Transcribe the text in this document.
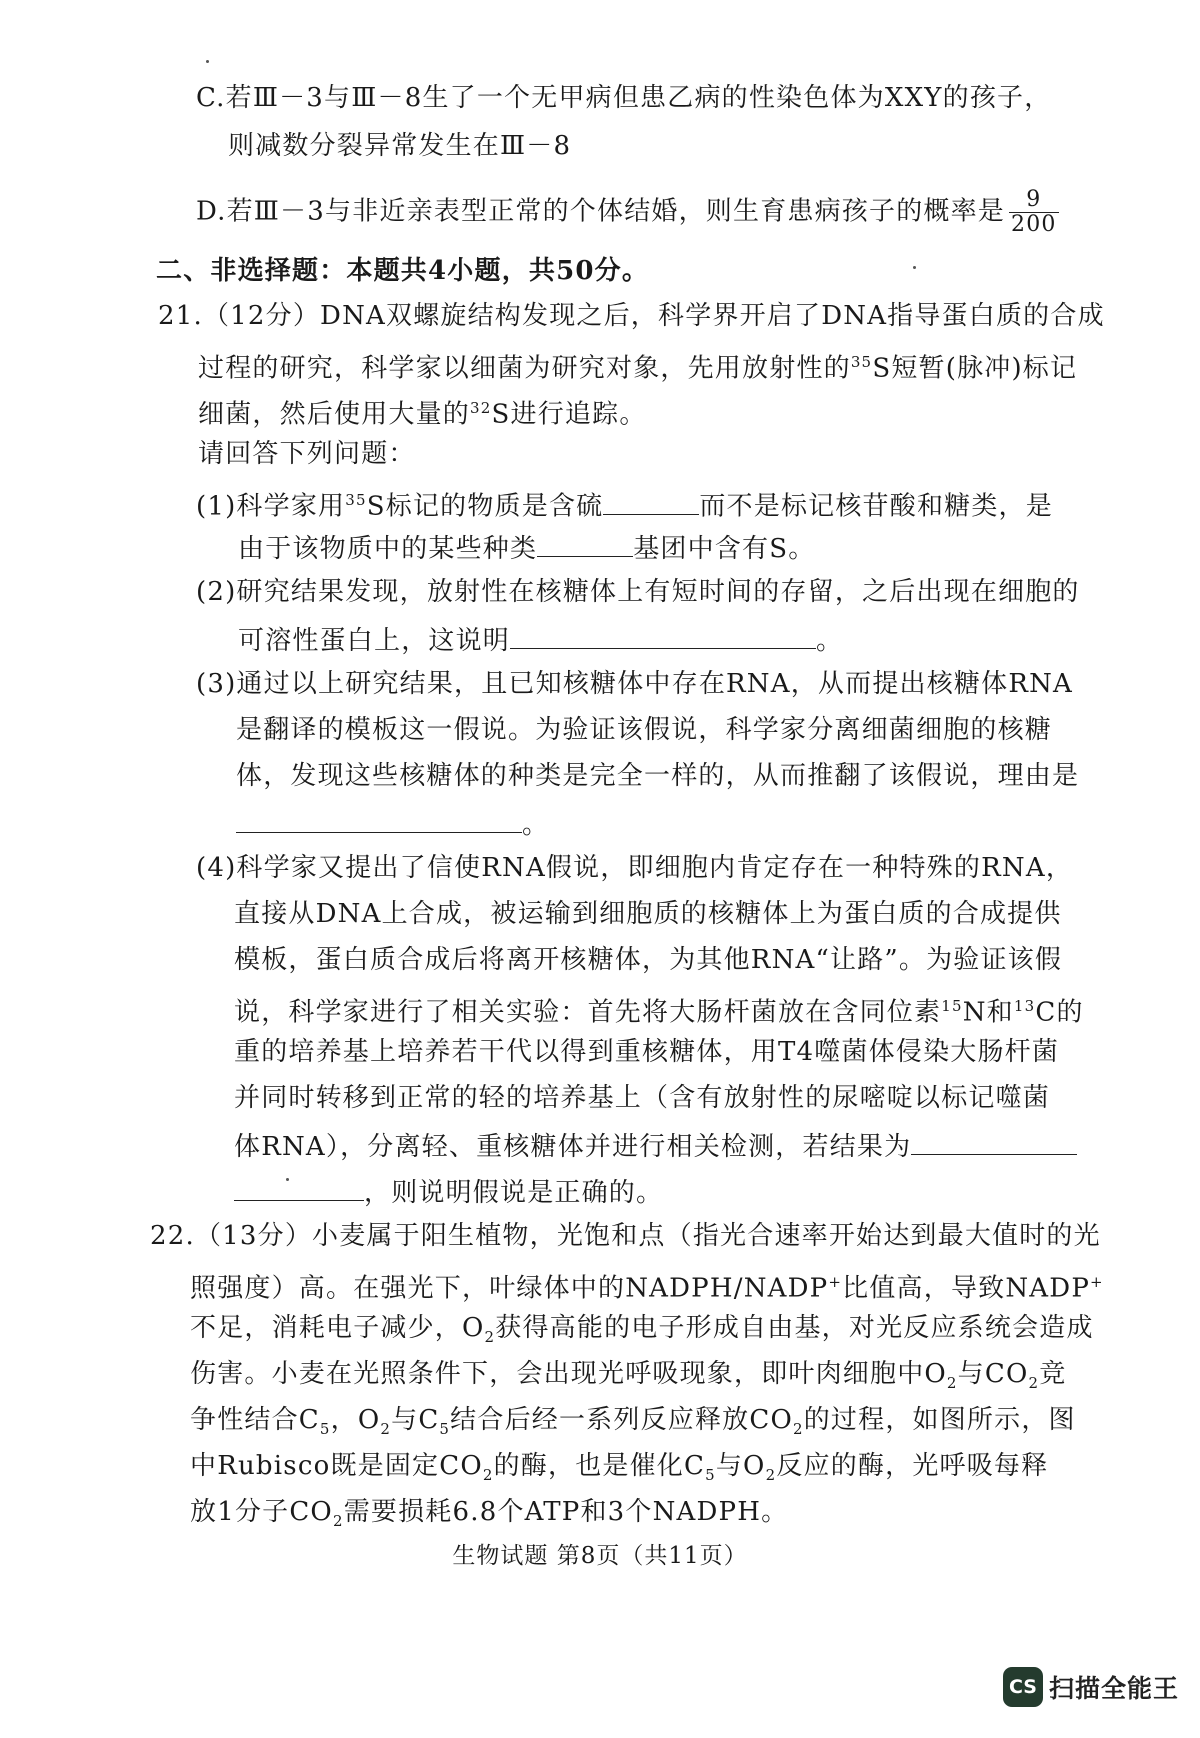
C.若Ⅲ－3与Ⅲ－8生了一个无甲病但患乙病的性染色体为XXY的孩子，
则减数分裂异常发生在Ⅲ－8
D.若Ⅲ－3与非近亲表型正常的个体结婚，则生育患病孩子的概率是 $\frac{9}{200}$
二、非选择题：本题共4小题，共50分。
21.（12分）DNA双螺旋结构发现之后，科学界开启了DNA指导蛋白质的合成
过程的研究，科学家以细菌为研究对象，先用放射性的$^{35}$S短暂(脉冲)标记
细菌，然后使用大量的$^{32}$S进行追踪。
请回答下列问题：
(1)科学家用$^{35}$S标记的物质是含硫	而不是标记核苷酸和糖类，是
由于该物质中的某些种类	基团中含有S。
(2)研究结果发现，放射性在核糖体上有短时间的存留，之后出现在细胞的
可溶性蛋白上，这说明	。
(3)通过以上研究结果，且已知核糖体中存在RNA，从而提出核糖体RNA
是翻译的模板这一假说。为验证该假说，科学家分离细菌细胞的核糖
体，发现这些核糖体的种类是完全一样的，从而推翻了该假说，理由是
。
(4)科学家又提出了信使RNA假说，即细胞内肯定存在一种特殊的RNA，
直接从DNA上合成，被运输到细胞质的核糖体上为蛋白质的合成提供
模板，蛋白质合成后将离开核糖体，为其他RNA“让路”。为验证该假
说，科学家进行了相关实验：首先将大肠杆菌放在含同位素$^{15}$N和$^{13}$C的
重的培养基上培养若干代以得到重核糖体，用T4噬菌体侵染大肠杆菌
并同时转移到正常的轻的培养基上（含有放射性的尿嘧啶以标记噬菌
体RNA），分离轻、重核糖体并进行相关检测，若结果为
，则说明假说是正确的。
22.（13分）小麦属于阳生植物，光饱和点（指光合速率开始达到最大值时的光
照强度）高。在强光下，叶绿体中的NADPH/NADP+比值高，导致NADP+
不足，消耗电子减少，$O_2$获得高能的电子形成自由基，对光反应系统会造成
伤害。小麦在光照条件下，会出现光呼吸现象，即叶肉细胞中$O_2$与$CO_2$竞
争性结合$C_5$，$O_2$与$C_5$结合后经一系列反应释放$CO_2$的过程，如图所示，图
中Rubisco既是固定$CO_2$的酶，也是催化$C_5$与$O_2$反应的酶，光呼吸每释
放1分子$CO_2$需要损耗6.8个ATP和3个NADPH。
生物试题 第8页（共11页）
CS 扫描全能王
